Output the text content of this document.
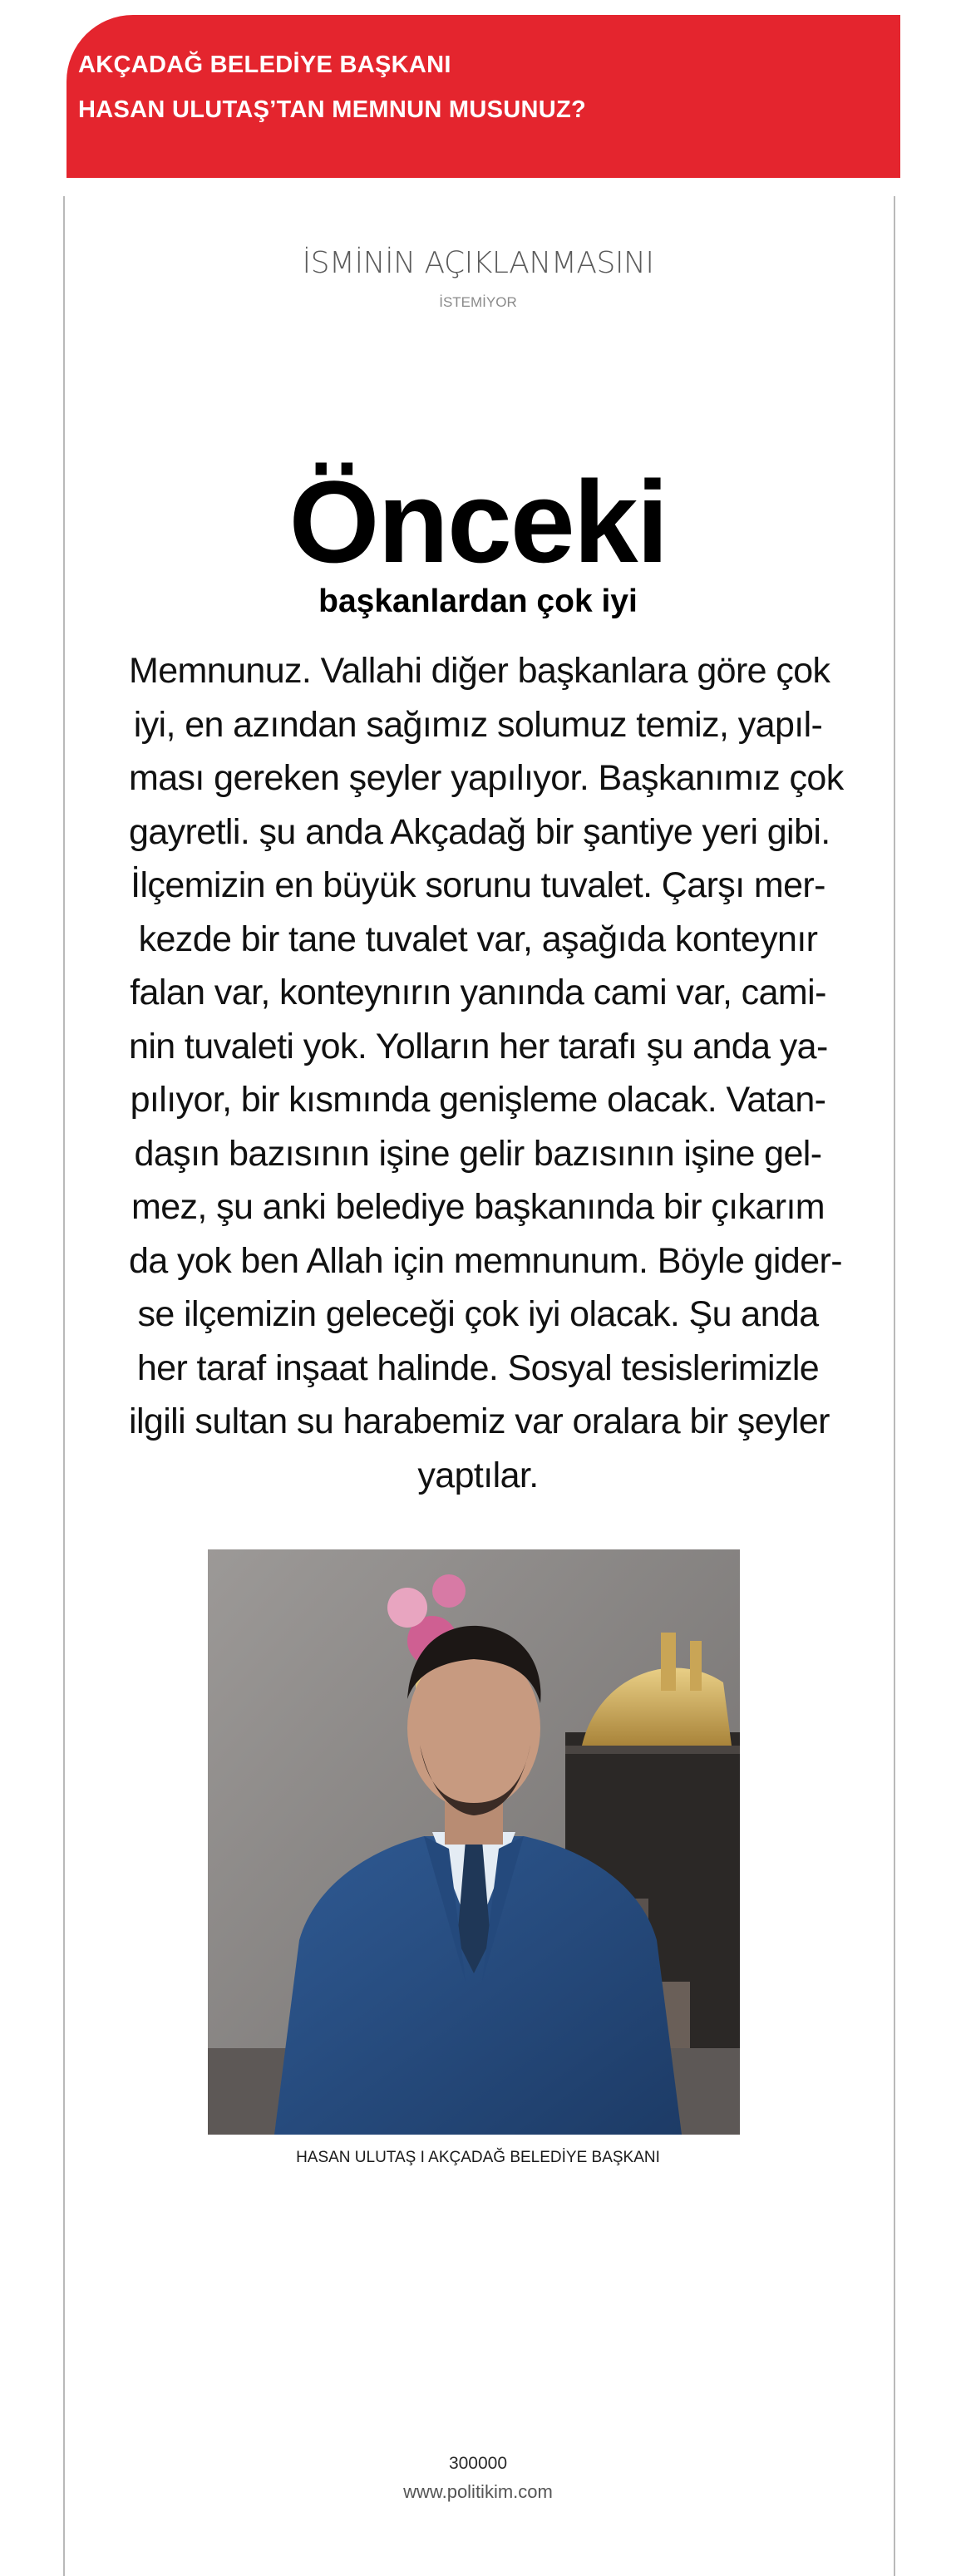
AKÇADAĞ BELEDİYE BAŞKANI
HASAN ULUTAŞ’TAN MEMNUN MUSUNUZ?
İSMİNİN AÇIKLANMASINI
İSTEMİYOR
Önceki
başkanlardan çok iyi

Memnunuz. Vallahi diğer başkanlara göre çok
iyi, en azından sağımız solumuz temiz, yapıl-
ması gereken şeyler yapılıyor. Başkanımız çok
gayretli. şu anda Akçadağ bir şantiye yeri gibi.
İlçemizin en büyük sorunu tuvalet. Çarşı mer-
kezde bir tane tuvalet var, aşağıda konteynır
falan var, konteynırın yanında cami var, cami-
nin tuvaleti yok. Yolların her tarafı şu anda ya-
pılıyor, bir kısmında genişleme olacak. Vatan-
daşın bazısının işine gelir bazısının işine gel-
mez, şu anki belediye başkanında bir çıkarım
da yok ben Allah için memnunum. Böyle gider-
se ilçemizin geleceği çok iyi olacak. Şu anda
her taraf inşaat halinde. Sosyal tesislerimizle
ilgili sultan su harabemiz var oralara bir şeyler
yaptılar.

HASAN ULUTAŞ I AKÇADAĞ BELEDİYE BAŞKANI
300000
www.politikim.com
